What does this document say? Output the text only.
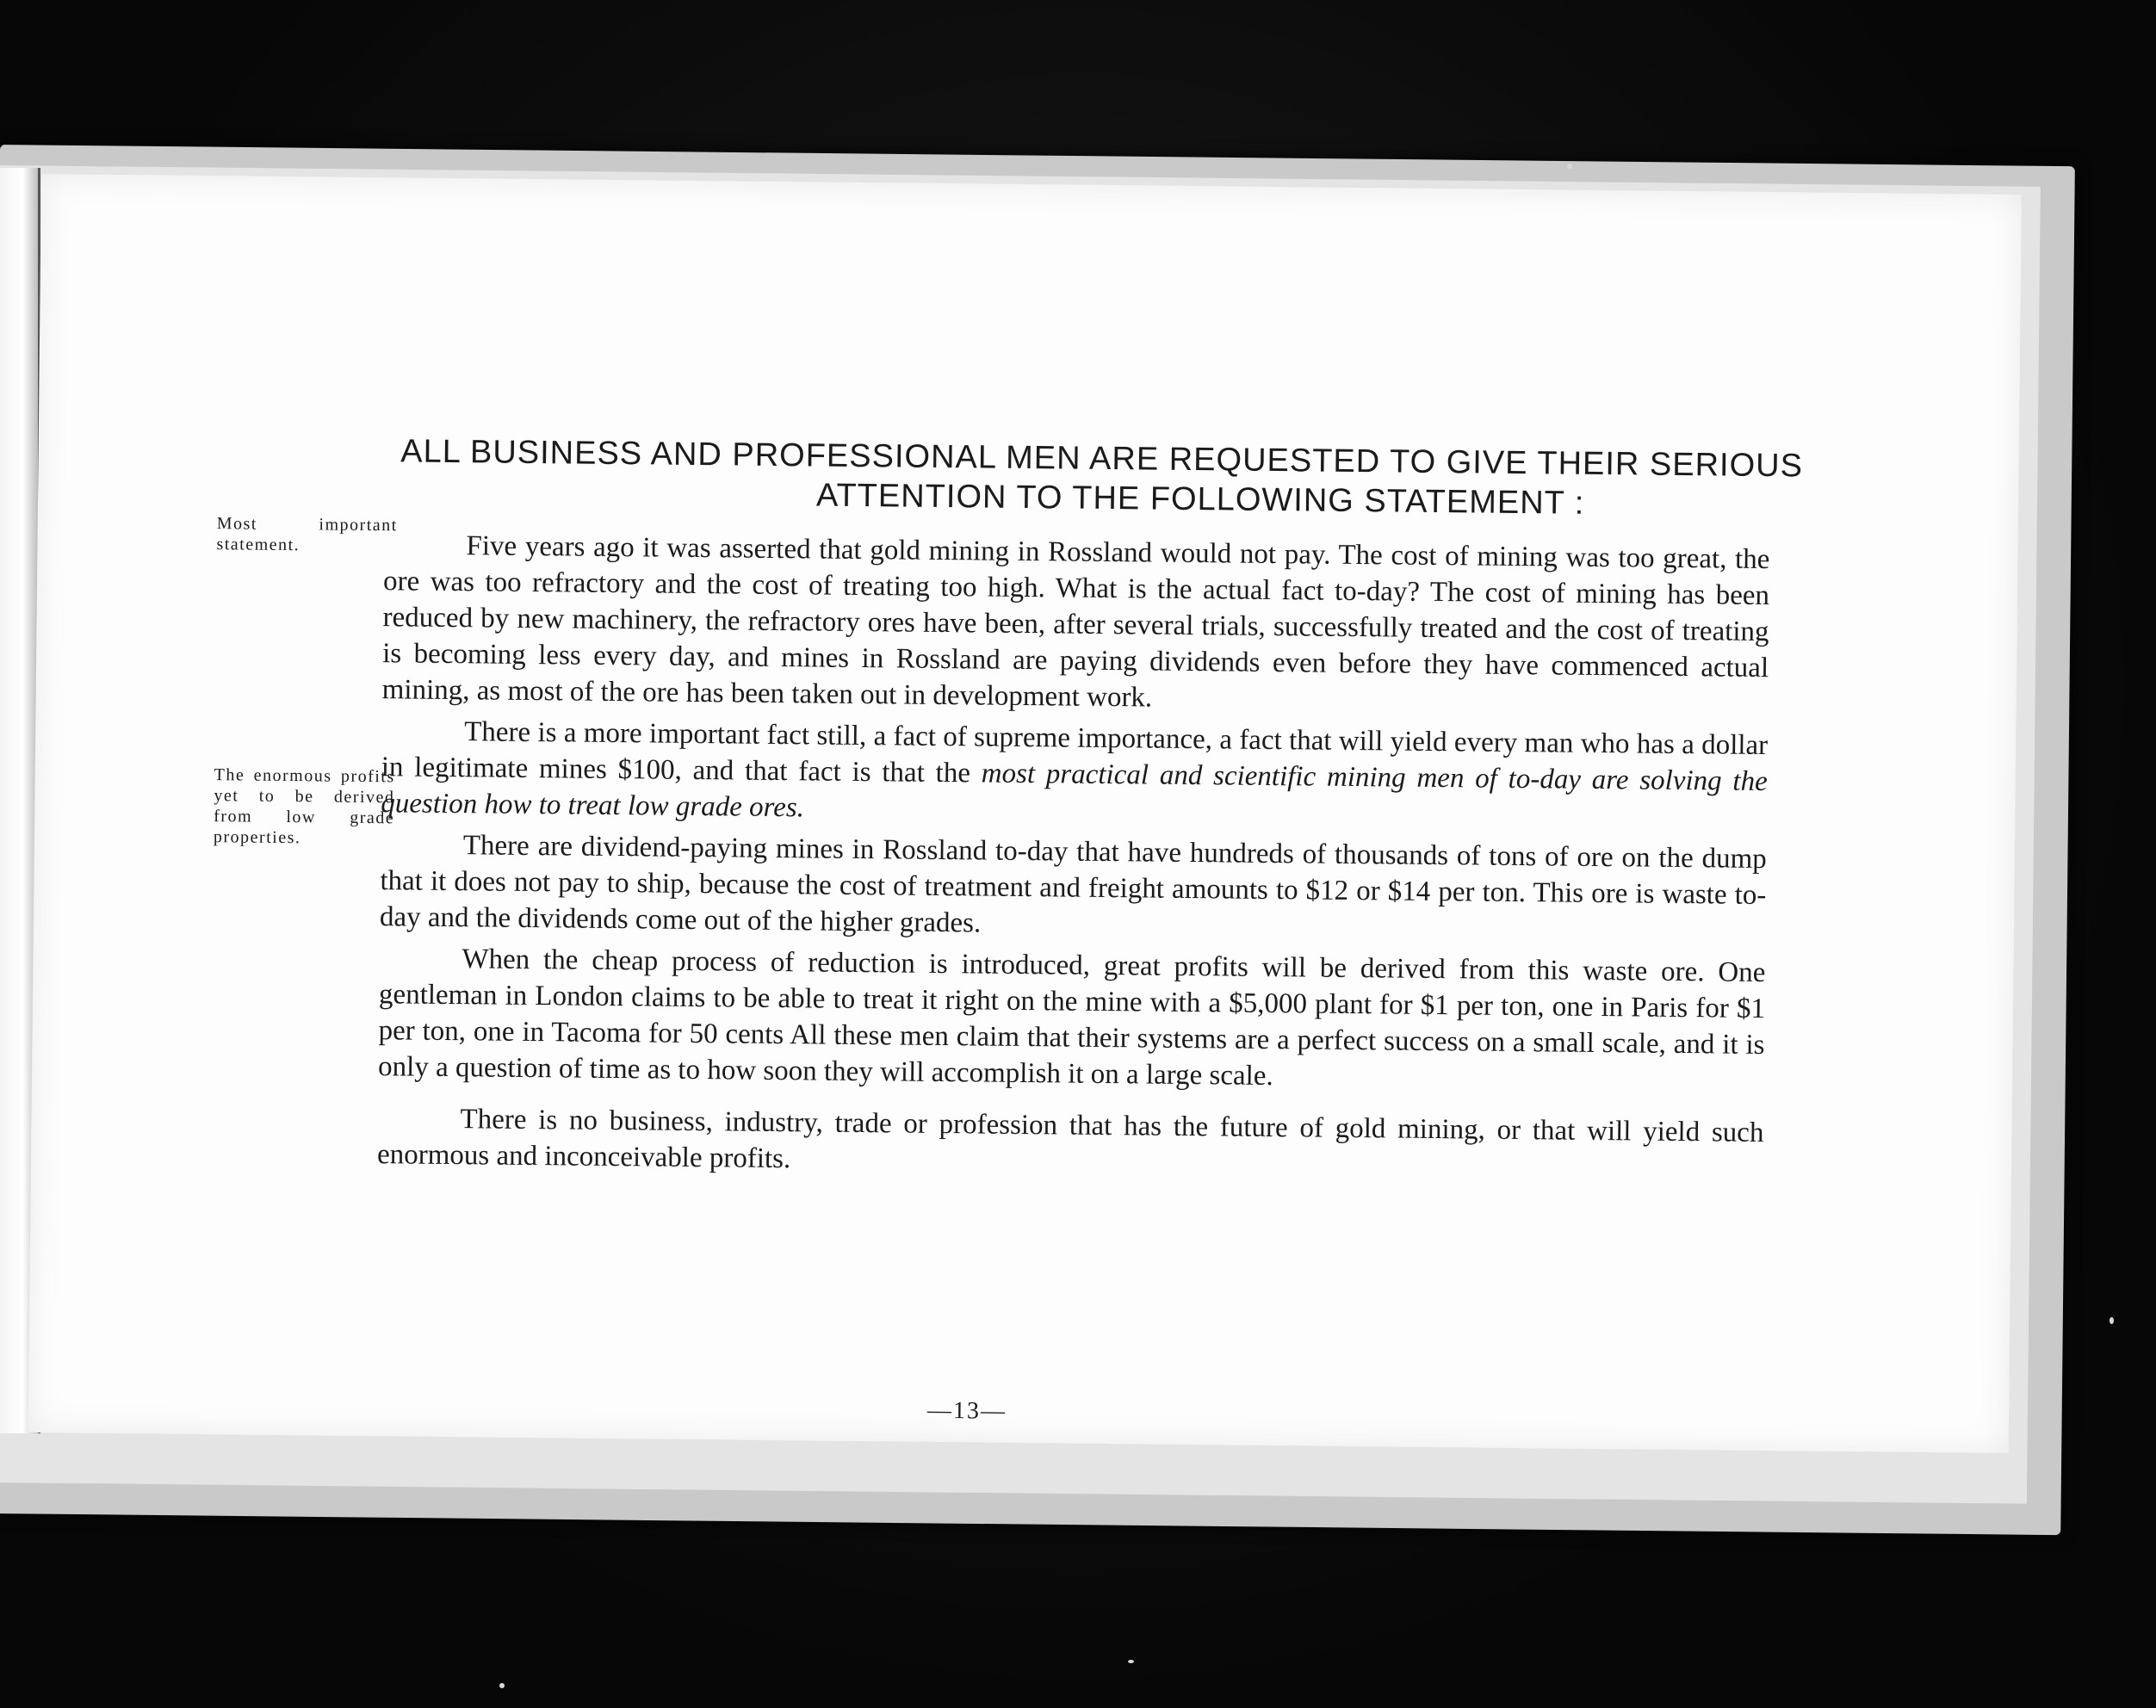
ALL BUSINESS AND PROFESSIONAL MEN ARE REQUESTED TO GIVE THEIR SERIOUS
ATTENTION TO THE FOLLOWING STATEMENT :
Most important statement.
The enormous profits yet to be derived from low grade properties.

Five years ago it was asserted that gold mining in Rossland would not pay. The cost of mining was too great, the ore was too refractory and the cost of treating too high. What is the actual fact to-day? The cost of mining has been reduced by new machinery, the refractory ores have been, after several trials, successfully treated and the cost of treating is becoming less every day, and mines in Rossland are paying dividends even before they have commenced actual mining, as most of the ore has been taken out in development work.

There is a more important fact still, a fact of supreme importance, a fact that will yield every man who has a dollar in legitimate mines $100, and that fact is that the most practical and scientific mining men of to-day are solving the question how to treat low grade ores.

There are dividend-paying mines in Rossland to-day that have hundreds of thousands of tons of ore on the dump that it does not pay to ship, because the cost of treatment and freight amounts to $12 or $14 per ton. This ore is waste to-day and the dividends come out of the higher grades.

When the cheap process of reduction is introduced, great profits will be derived from this waste ore. One gentleman in London claims to be able to treat it right on the mine with a $5,000 plant for $1 per ton, one in Paris for $1 per ton, one in Tacoma for 50 cents All these men claim that their systems are a perfect success on a small scale, and it is only a question of time as to how soon they will accomplish it on a large scale.

There is no business, industry, trade or profession that has the future of gold mining, or that will yield such enormous and inconceivable profits.

—13—
